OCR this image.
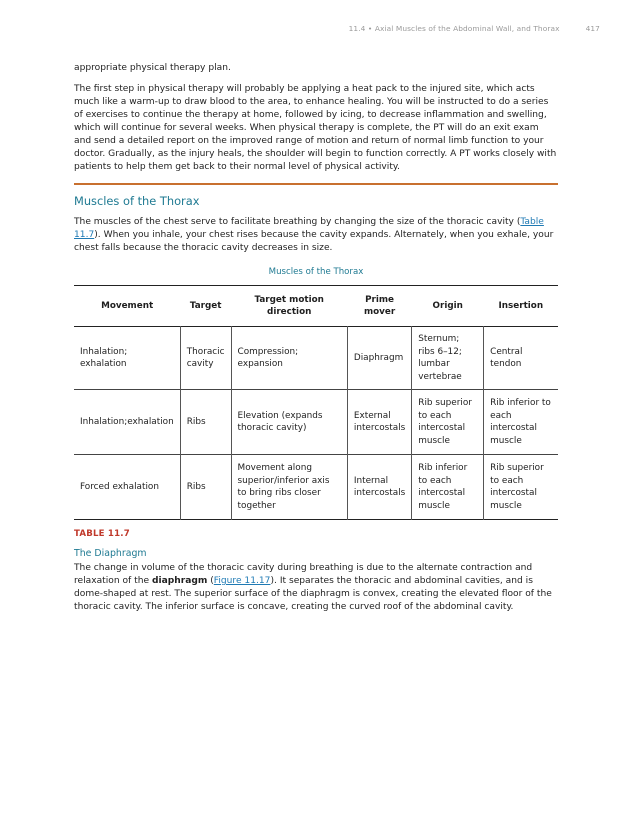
11.4 • Axial Muscles of the Abdominal Wall, and Thorax	417

appropriate physical therapy plan.

The first step in physical therapy will probably be applying a heat pack to the injured site, which acts much like a warm-up to draw blood to the area, to enhance healing. You will be instructed to do a series of exercises to continue the therapy at home, followed by icing, to decrease inflammation and swelling, which will continue for several weeks. When physical therapy is complete, the PT will do an exit exam and send a detailed report on the improved range of motion and return of normal limb function to your doctor. Gradually, as the injury heals, the shoulder will begin to function correctly. A PT works closely with patients to help them get back to their normal level of physical activity.

Muscles of the Thorax

The muscles of the chest serve to facilitate breathing by changing the size of the thoracic cavity (Table 11.7). When you inhale, your chest rises because the cavity expands. Alternately, when you exhale, your chest falls because the thoracic cavity decreases in size.

Muscles of the Thorax
Movement	Target	Target motion direction	Prime mover	Origin	Insertion
Inhalation; exhalation	Thoracic cavity	Compression; expansion	Diaphragm	Sternum; ribs 6–12; lumbar vertebrae	Central tendon
Inhalation;exhalation	Ribs	Elevation (expands thoracic cavity)	External intercostals	Rib superior to each intercostal muscle	Rib inferior to each intercostal muscle
Forced exhalation	Ribs	Movement along superior/inferior axis to bring ribs closer together	Internal intercostals	Rib inferior to each intercostal muscle	Rib superior to each intercostal muscle
TABLE 11.7
The Diaphragm

The change in volume of the thoracic cavity during breathing is due to the alternate contraction and relaxation of the diaphragm (Figure 11.17). It separates the thoracic and abdominal cavities, and is dome-shaped at rest. The superior surface of the diaphragm is convex, creating the elevated floor of the thoracic cavity. The inferior surface is concave, creating the curved roof of the abdominal cavity.
